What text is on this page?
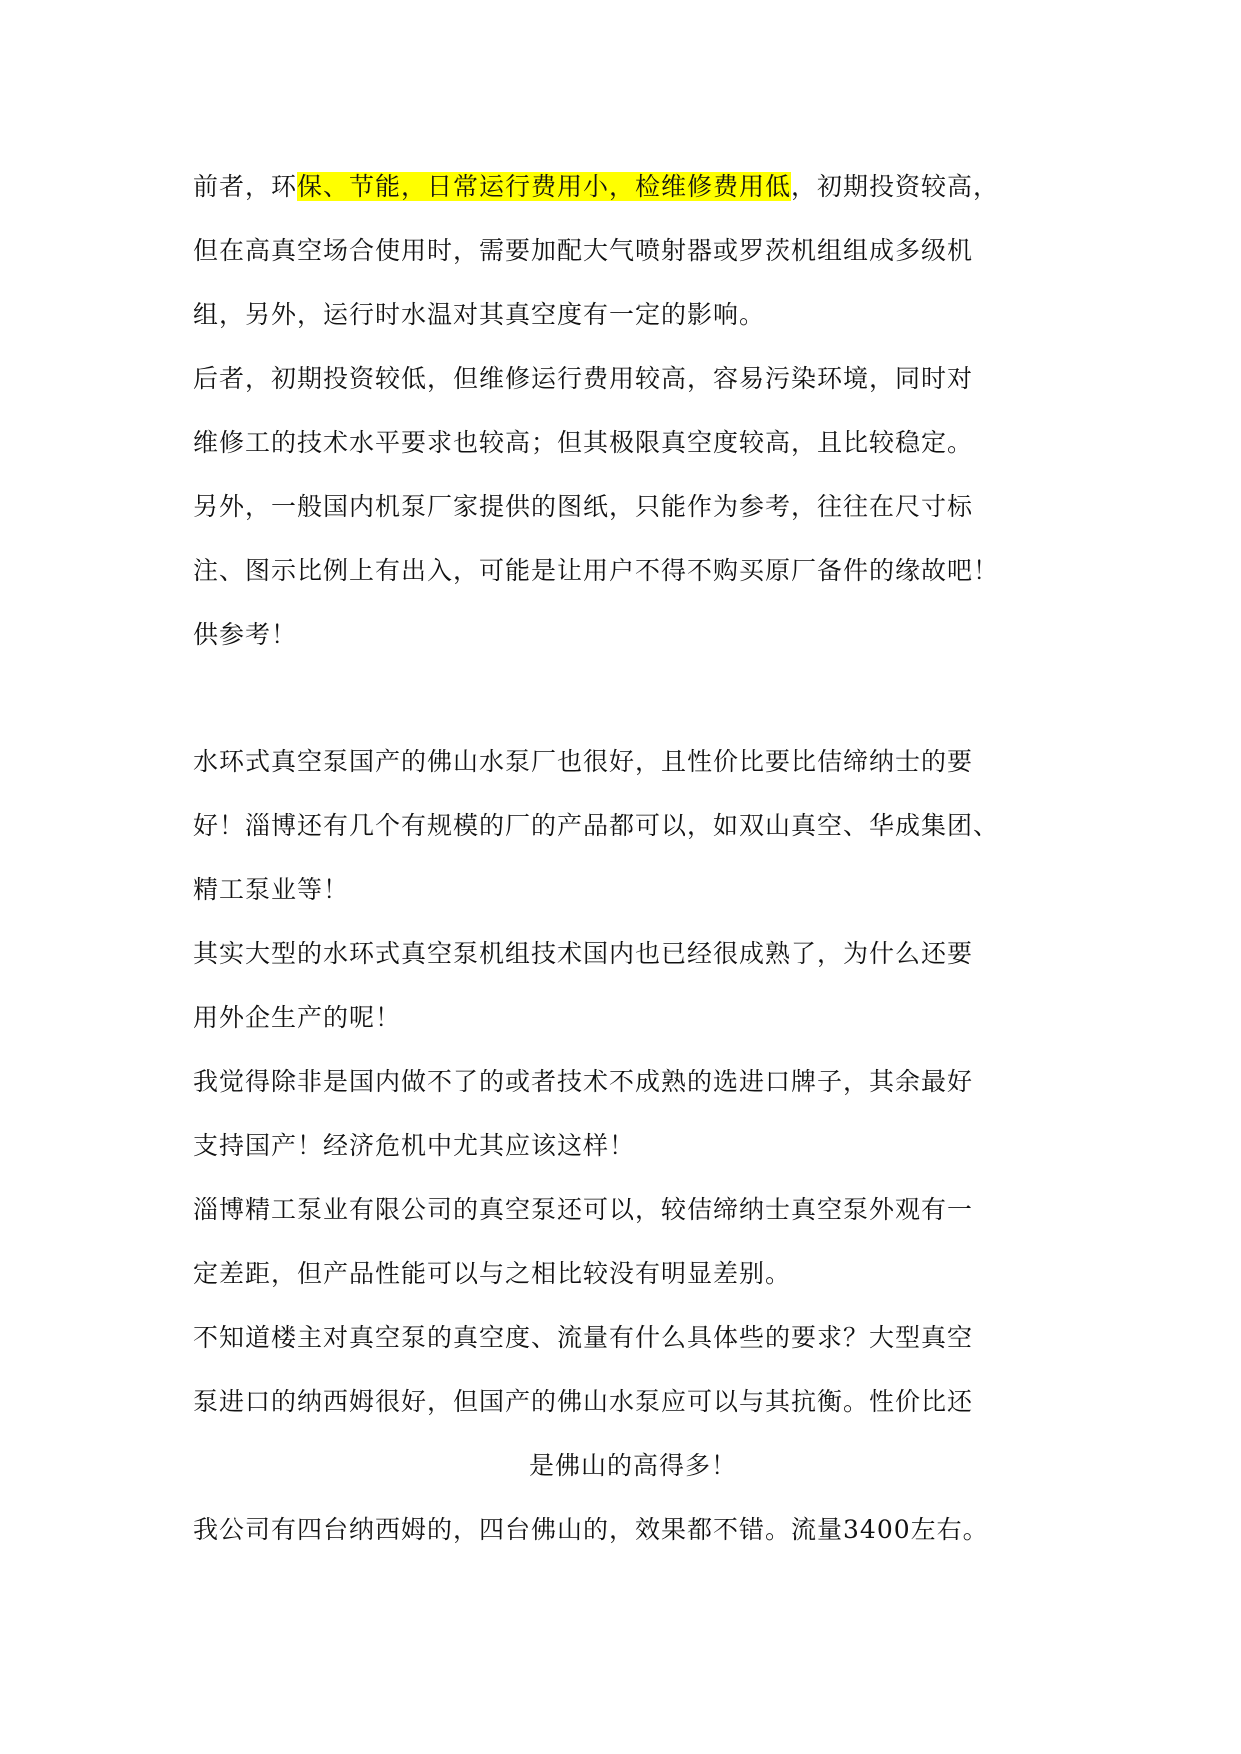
前者，环保、节能，日常运行费用小，检维修费用低，初期投资较高，
但在高真空场合使用时，需要加配大气喷射器或罗茨机组组成多级机
组，另外，运行时水温对其真空度有一定的影响。
后者，初期投资较低，但维修运行费用较高，容易污染环境，同时对
维修工的技术水平要求也较高；但其极限真空度较高，且比较稳定。
另外，一般国内机泵厂家提供的图纸，只能作为参考，往往在尺寸标
注、图示比例上有出入，可能是让用户不得不购买原厂备件的缘故吧！
供参考！
水环式真空泵国产的佛山水泵厂也很好，且性价比要比佶缔纳士的要
好！淄博还有几个有规模的厂的产品都可以，如双山真空、华成集团、
精工泵业等！
其实大型的水环式真空泵机组技术国内也已经很成熟了，为什么还要
用外企生产的呢！
我觉得除非是国内做不了的或者技术不成熟的选进口牌子，其余最好
支持国产！经济危机中尤其应该这样！
淄博精工泵业有限公司的真空泵还可以，较佶缔纳士真空泵外观有一
定差距，但产品性能可以与之相比较没有明显差别。
不知道楼主对真空泵的真空度、流量有什么具体些的要求？大型真空
泵进口的纳西姆很好，但国产的佛山水泵应可以与其抗衡。性价比还
是佛山的高得多！
我公司有四台纳西姆的，四台佛山的，效果都不错。流量3400左右。
